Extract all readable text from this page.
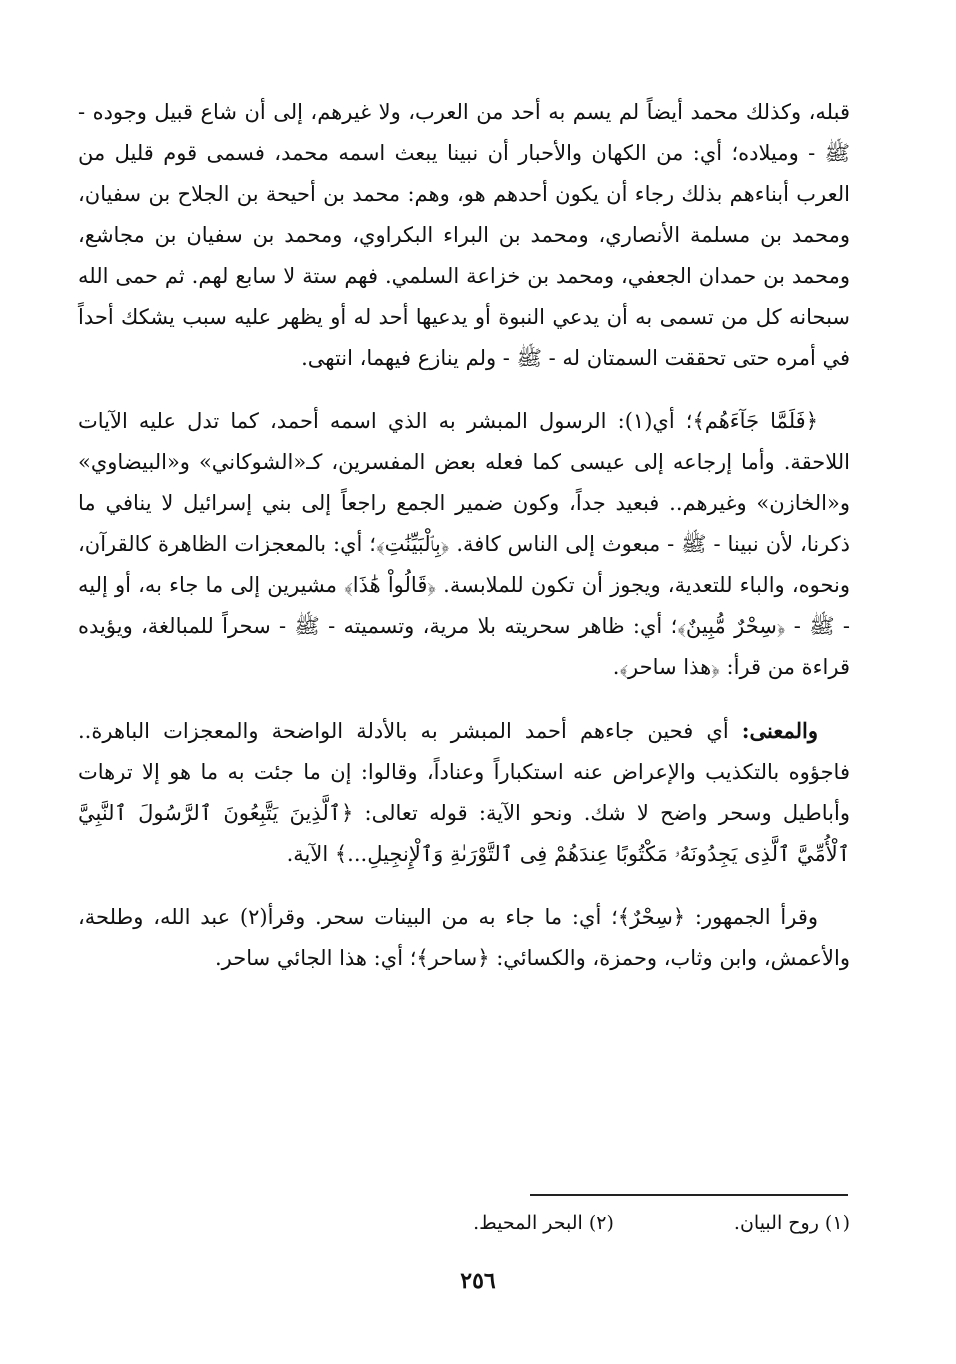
قبله، وكذلك محمد أيضاً لم يسم به أحد من العرب، ولا غيرهم، إلى أن شاع قبيل وجوده - ﷺ - وميلاده؛ أي: من الكهان والأحبار أن نبينا يبعث اسمه محمد، فسمى قوم قليل من العرب أبناءهم بذلك رجاء أن يكون أحدهم هو، وهم: محمد بن أحيحة بن الجلاح بن سفيان، ومحمد بن مسلمة الأنصاري، ومحمد بن البراء البكراوي، ومحمد بن سفيان بن مجاشع، ومحمد بن حمدان الجعفي، ومحمد بن خزاعة السلمي. فهم ستة لا سابع لهم. ثم حمى الله سبحانه كل من تسمى به أن يدعي النبوة أو يدعيها أحد له أو يظهر عليه سبب يشكك أحداً في أمره حتى تحققت السمتان له - ﷺ - ولم ينازع فيهما، انتهى.

﴿فَلَمَّا جَآءَهُم﴾؛ أي(١): الرسول المبشر به الذي اسمه أحمد، كما تدل عليه الآيات اللاحقة. وأما إرجاعه إلى عيسى كما فعله بعض المفسرين، كـ«الشوكاني» و«البيضاوي» و«الخازن» وغيرهم.. فبعيد جداً، وكون ضمير الجمع راجعاً إلى بني إسرائيل لا ينافي ما ذكرنا، لأن نبينا - ﷺ - مبعوث إلى الناس كافة. ﴿بِٱلْبَيِّنَٰتِ﴾؛ أي: بالمعجزات الظاهرة كالقرآن، ونحوه، والباء للتعدية، ويجوز أن تكون للملابسة. ﴿قَالُواْ هَٰذَا﴾ مشيرين إلى ما جاء به، أو إليه - ﷺ - ﴿سِحْرٌ مُّبِينٌ﴾؛ أي: ظاهر سحريته بلا مرية، وتسميته - ﷺ - سحراً للمبالغة، ويؤيده قراءة من قرأ: ﴿هذا ساحر﴾.

والمعنى: أي فحين جاءهم أحمد المبشر به بالأدلة الواضحة والمعجزات الباهرة.. فاجؤوه بالتكذيب والإعراض عنه استكباراً وعناداً، وقالوا: إن ما جئت به ما هو إلا ترهات وأباطيل وسحر واضح لا شك. ونحو الآية: قوله تعالى: ﴿ٱلَّذِينَ يَتَّبِعُونَ ٱلرَّسُولَ ٱلنَّبِيَّ ٱلْأُمِّيَّ ٱلَّذِى يَجِدُونَهُۥ مَكْتُوبًا عِندَهُمْ فِى ٱلتَّوْرَىٰةِ وَٱلْإِنجِيلِ...﴾ الآية.

وقرأ الجمهور: ﴿سِحْرٌ﴾؛ أي: ما جاء به من البينات سحر. وقرأ(٢) عبد الله، وطلحة، والأعمش، وابن وثاب، وحمزة، والكسائي: ﴿ساحر﴾؛ أي: هذا الجائي ساحر.

(١) روح البيان.
(٢) البحر المحيط.
٢٥٦
